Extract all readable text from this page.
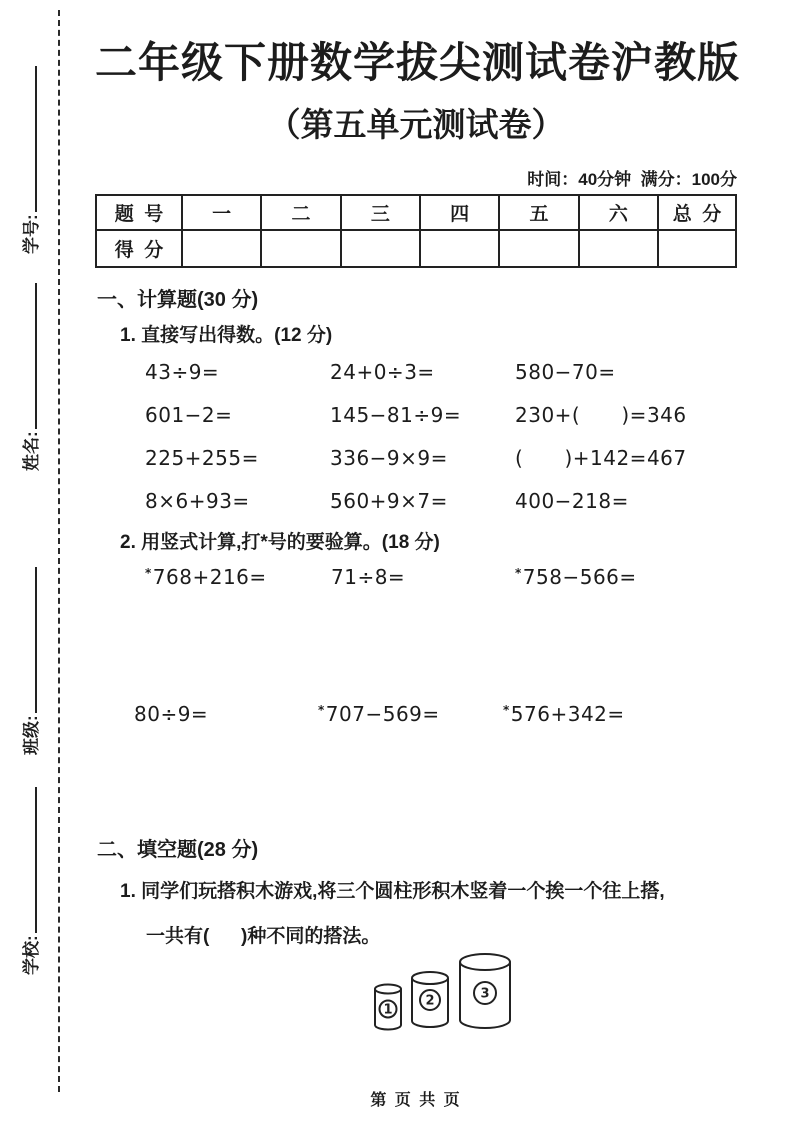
学号:
姓名:
班级:
学校:
二年级下册数学拔尖测试卷沪教版
（第五单元测试卷）
时间：40分钟  满分：100分
题  号	一	二	三	四	五	六	总  分
得  分							
一、计算题(30 分)
1. 直接写出得数。(12 分)
43÷9=	24+0÷3=	580−70=
601−2=	145−81÷9=	230+(      )=346
225+255=	336−9×9=	(      )+142=467
8×6+93=	560+9×7=	400−218=
2. 用竖式计算,打*号的要验算。(18 分)
*768+216=	71÷8=	*758−566=
80÷9=	*707−569=	*576+342=
二、填空题(28 分)
1. 同学们玩搭积木游戏,将三个圆柱形积木竖着一个挨一个往上搭,
一共有(      )种不同的搭法。
1
2	3
第 页 共 页
